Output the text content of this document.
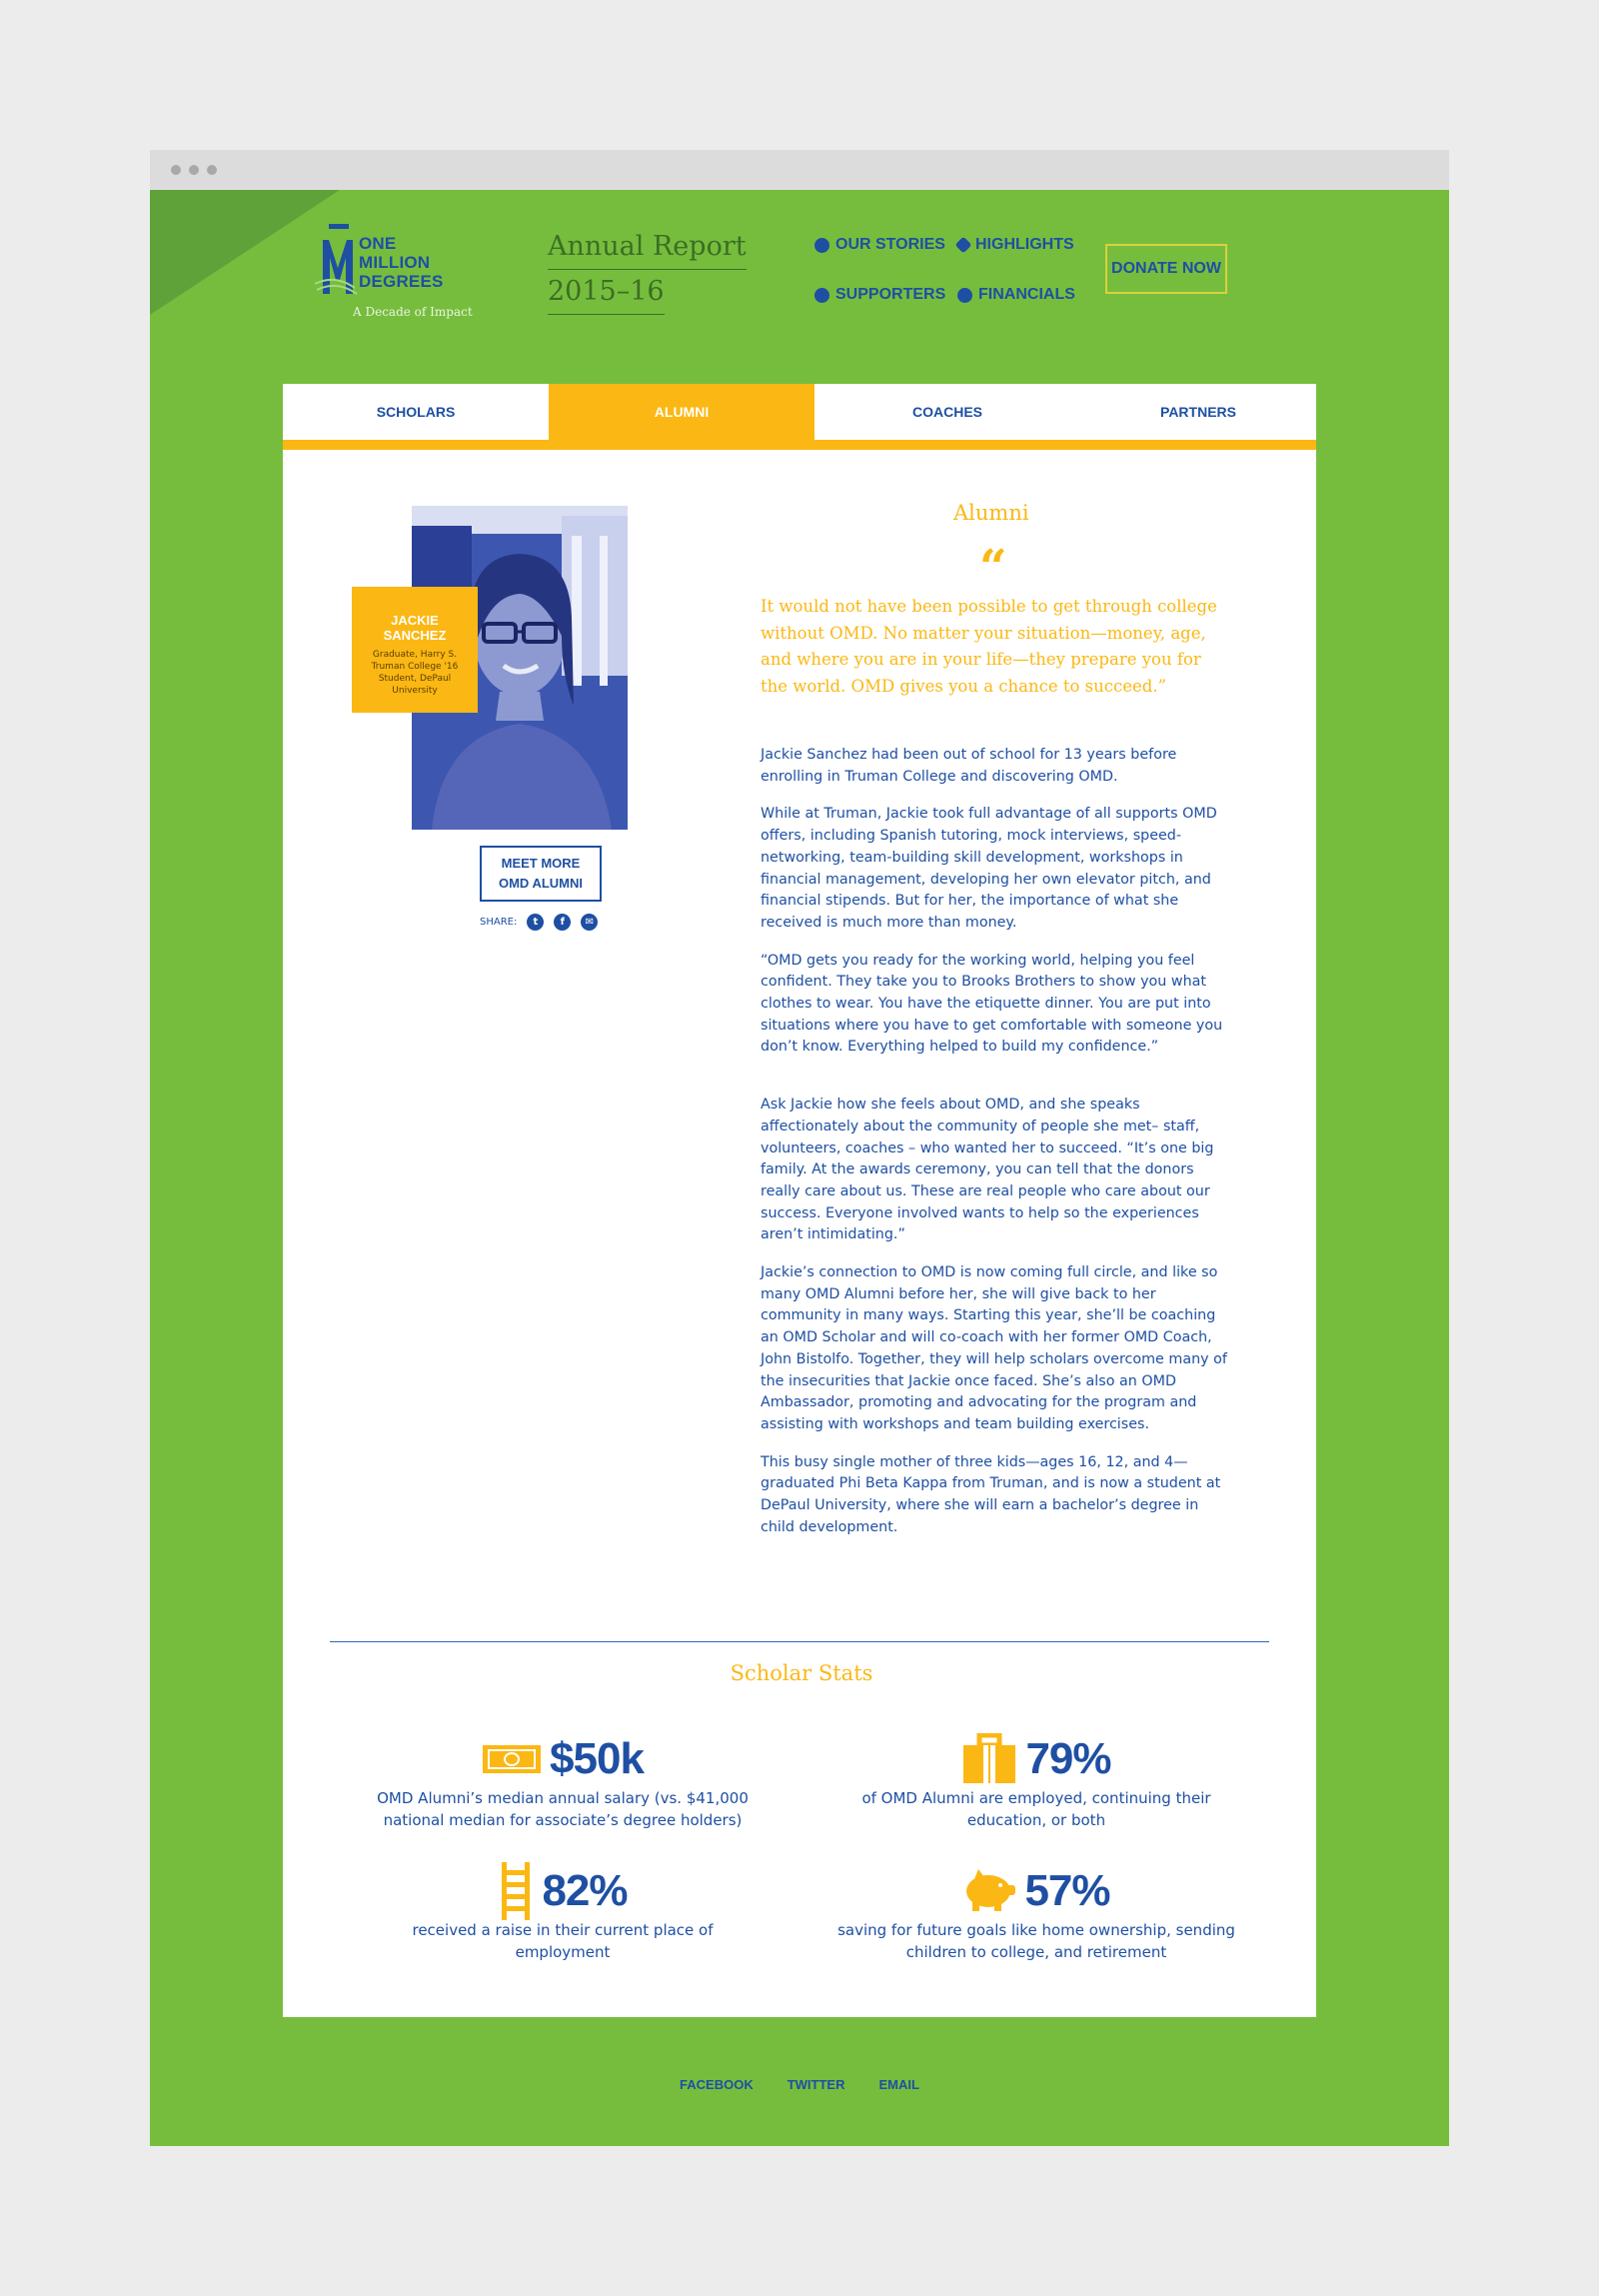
ONE
MILLION
DEGREES
A Decade of Impact
Annual Report
2015–16
OUR STORIES HIGHLIGHTS
SUPPORTERS FINANCIALS
DONATE NOW
SCHOLARS	ALUMNI	COACHES	PARTNERS
JACKIE SANCHEZ
Graduate, Harry S. Truman College '16 Student, DePaul University
MEET MORE OMD ALUMNI
SHARE:	t	f	✉
Alumni
“
It would not have been possible to get through college without OMD. No matter your situation—money, age, and where you are in your life—they prepare you for the world. OMD gives you a chance to succeed.”

Jackie Sanchez had been out of school for 13 years before enrolling in Truman College and discovering OMD.

While at Truman, Jackie took full advantage of all supports OMD offers, including Spanish tutoring, mock interviews, speed-networking, team-building skill development, workshops in financial management, developing her own elevator pitch, and financial stipends. But for her, the importance of what she received is much more than money.

“OMD gets you ready for the working world, helping you feel confident. They take you to Brooks Brothers to show you what clothes to wear. You have the etiquette dinner. You are put into situations where you have to get comfortable with someone you don’t know. Everything helped to build my confidence.”

Ask Jackie how she feels about OMD, and she speaks affectionately about the community of people she met– staff, volunteers, coaches – who wanted her to succeed. “It’s one big family. At the awards ceremony, you can tell that the donors really care about us. These are real people who care about our success. Everyone involved wants to help so the experiences aren’t intimidating.”

Jackie’s connection to OMD is now coming full circle, and like so many OMD Alumni before her, she will give back to her community in many ways. Starting this year, she’ll be coaching an OMD Scholar and will co-coach with her former OMD Coach, John Bistolfo. Together, they will help scholars overcome many of the insecurities that Jackie once faced. She’s also an OMD Ambassador, promoting and advocating for the program and assisting with workshops and team building exercises.

This busy single mother of three kids—ages 16, 12, and 4—graduated Phi Beta Kappa from Truman, and is now a student at DePaul University, where she will earn a bachelor’s degree in child development.

Scholar Stats
$50k
OMD Alumni’s median annual salary (vs. $41,000 national median for associate’s degree holders)
79%
of OMD Alumni are employed, continuing their education, or both
82%
received a raise in their current place of employment
57%
saving for future goals like home ownership, sending children to college, and retirement
FACEBOOK	TWITTER	EMAIL
